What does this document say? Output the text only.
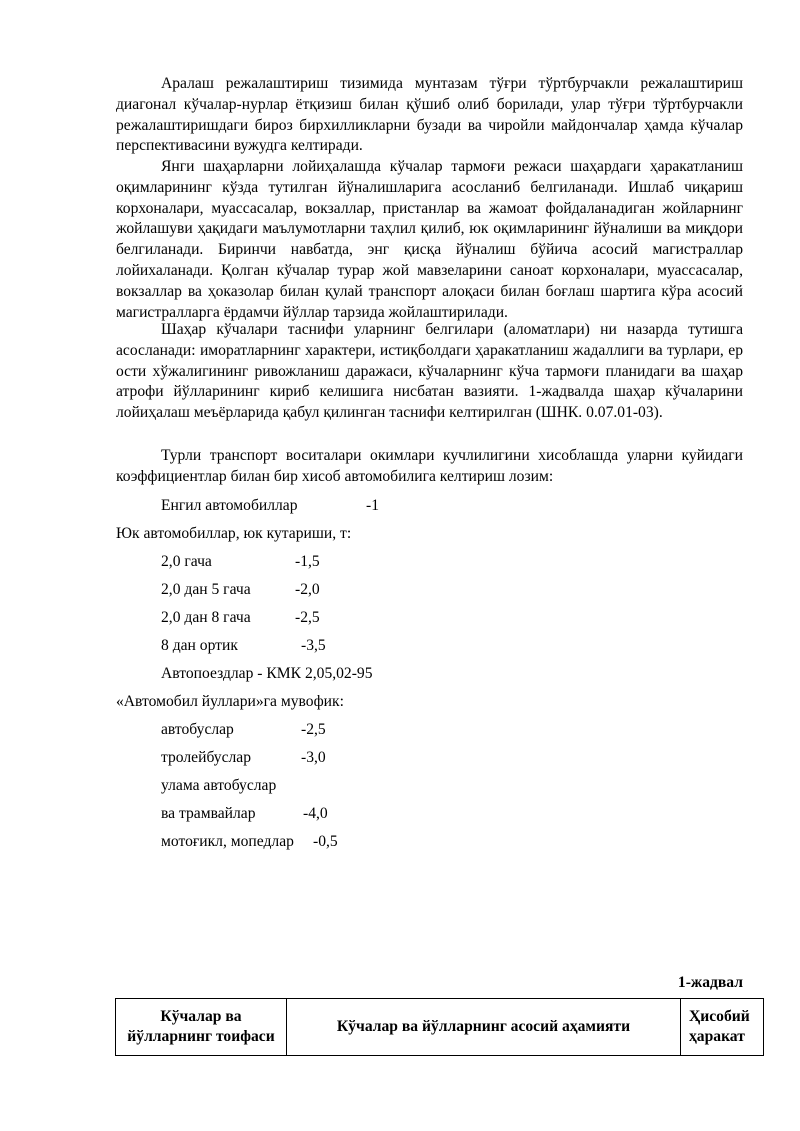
Аралаш режалаштириш тизимида мунтазам тўғри тўртбурчакли режалаштириш диагонал кўчалар-нурлар ётқизиш билан қўшиб олиб борилади, улар тўғри тўртбурчакли режалаштиришдаги бироз бирхилликларни бузади ва чиройли майдончалар ҳамда кўчалар перспективасини вужудга келтиради.

Янги шаҳарларни лойиҳалашда кўчалар тармоғи режаси шаҳардаги ҳаракатланиш оқимларининг кўзда тутилган йўналишларига асосланиб белгиланади. Ишлаб чиқариш корхоналари, муассасалар, вокзаллар, пристанлар ва жамоат фойдаланадиган жойларнинг жойлашуви ҳақидаги маълумотларни таҳлил қилиб, юк оқимларининг йўналиши ва миқдори белгиланади. Биринчи навбатда, энг қисқа йўналиш бўйича асосий магистраллар лойихаланади. Қолган кўчалар турар жой мавзеларини саноат корхоналари, муассасалар, вокзаллар ва ҳоказолар билан қулай транспорт алоқаси билан боғлаш шартига кўра асосий магистралларга ёрдамчи йўллар тарзида жойлаштирилади.

Шаҳар кўчалари таснифи уларнинг белгилари (аломатлари) ни назарда тутишга асосланади: иморатларнинг характери, истиқболдаги ҳаракатланиш жадаллиги ва турлари, ер ости хўжалигининг ривожланиш даражаси, кўчаларнинг кўча тармоғи планидаги ва шаҳар атрофи йўлларининг кириб келишига нисбатан вазияти. 1-жадвалда шаҳар кўчаларини лойиҳалаш меъёрларида қабул қилинган таснифи келтирилган (ШНК. 0.07.01-03).

Турли транспорт воситалари окимлари кучлилигини хисоблашда уларни куйидаги коэффициентлар билан бир хисоб автомобилига келтириш лозим:

Енгил автомобиллар	-1
Юк автомобиллар, юк кутариши, т:
2,0 гача	-1,5
2,0 дан 5 гача	-2,0
2,0 дан 8 гача	-2,5
8 дан ортик	-3,5
Автопоездлар - КМК 2,05,02-95
«Автомобил йуллари»га мувофик:
автобуслар	-2,5
тролейбуслар	-3,0
улама автобуслар
ва трамвайлар	-4,0
мотоғикл, мопедлар -0,5
1-жадвал
Кўчалар ва йўлларнинг тоифаси	Кўчалар ва йўлларнинг асосий аҳамияти	Ҳисобий ҳаракат
